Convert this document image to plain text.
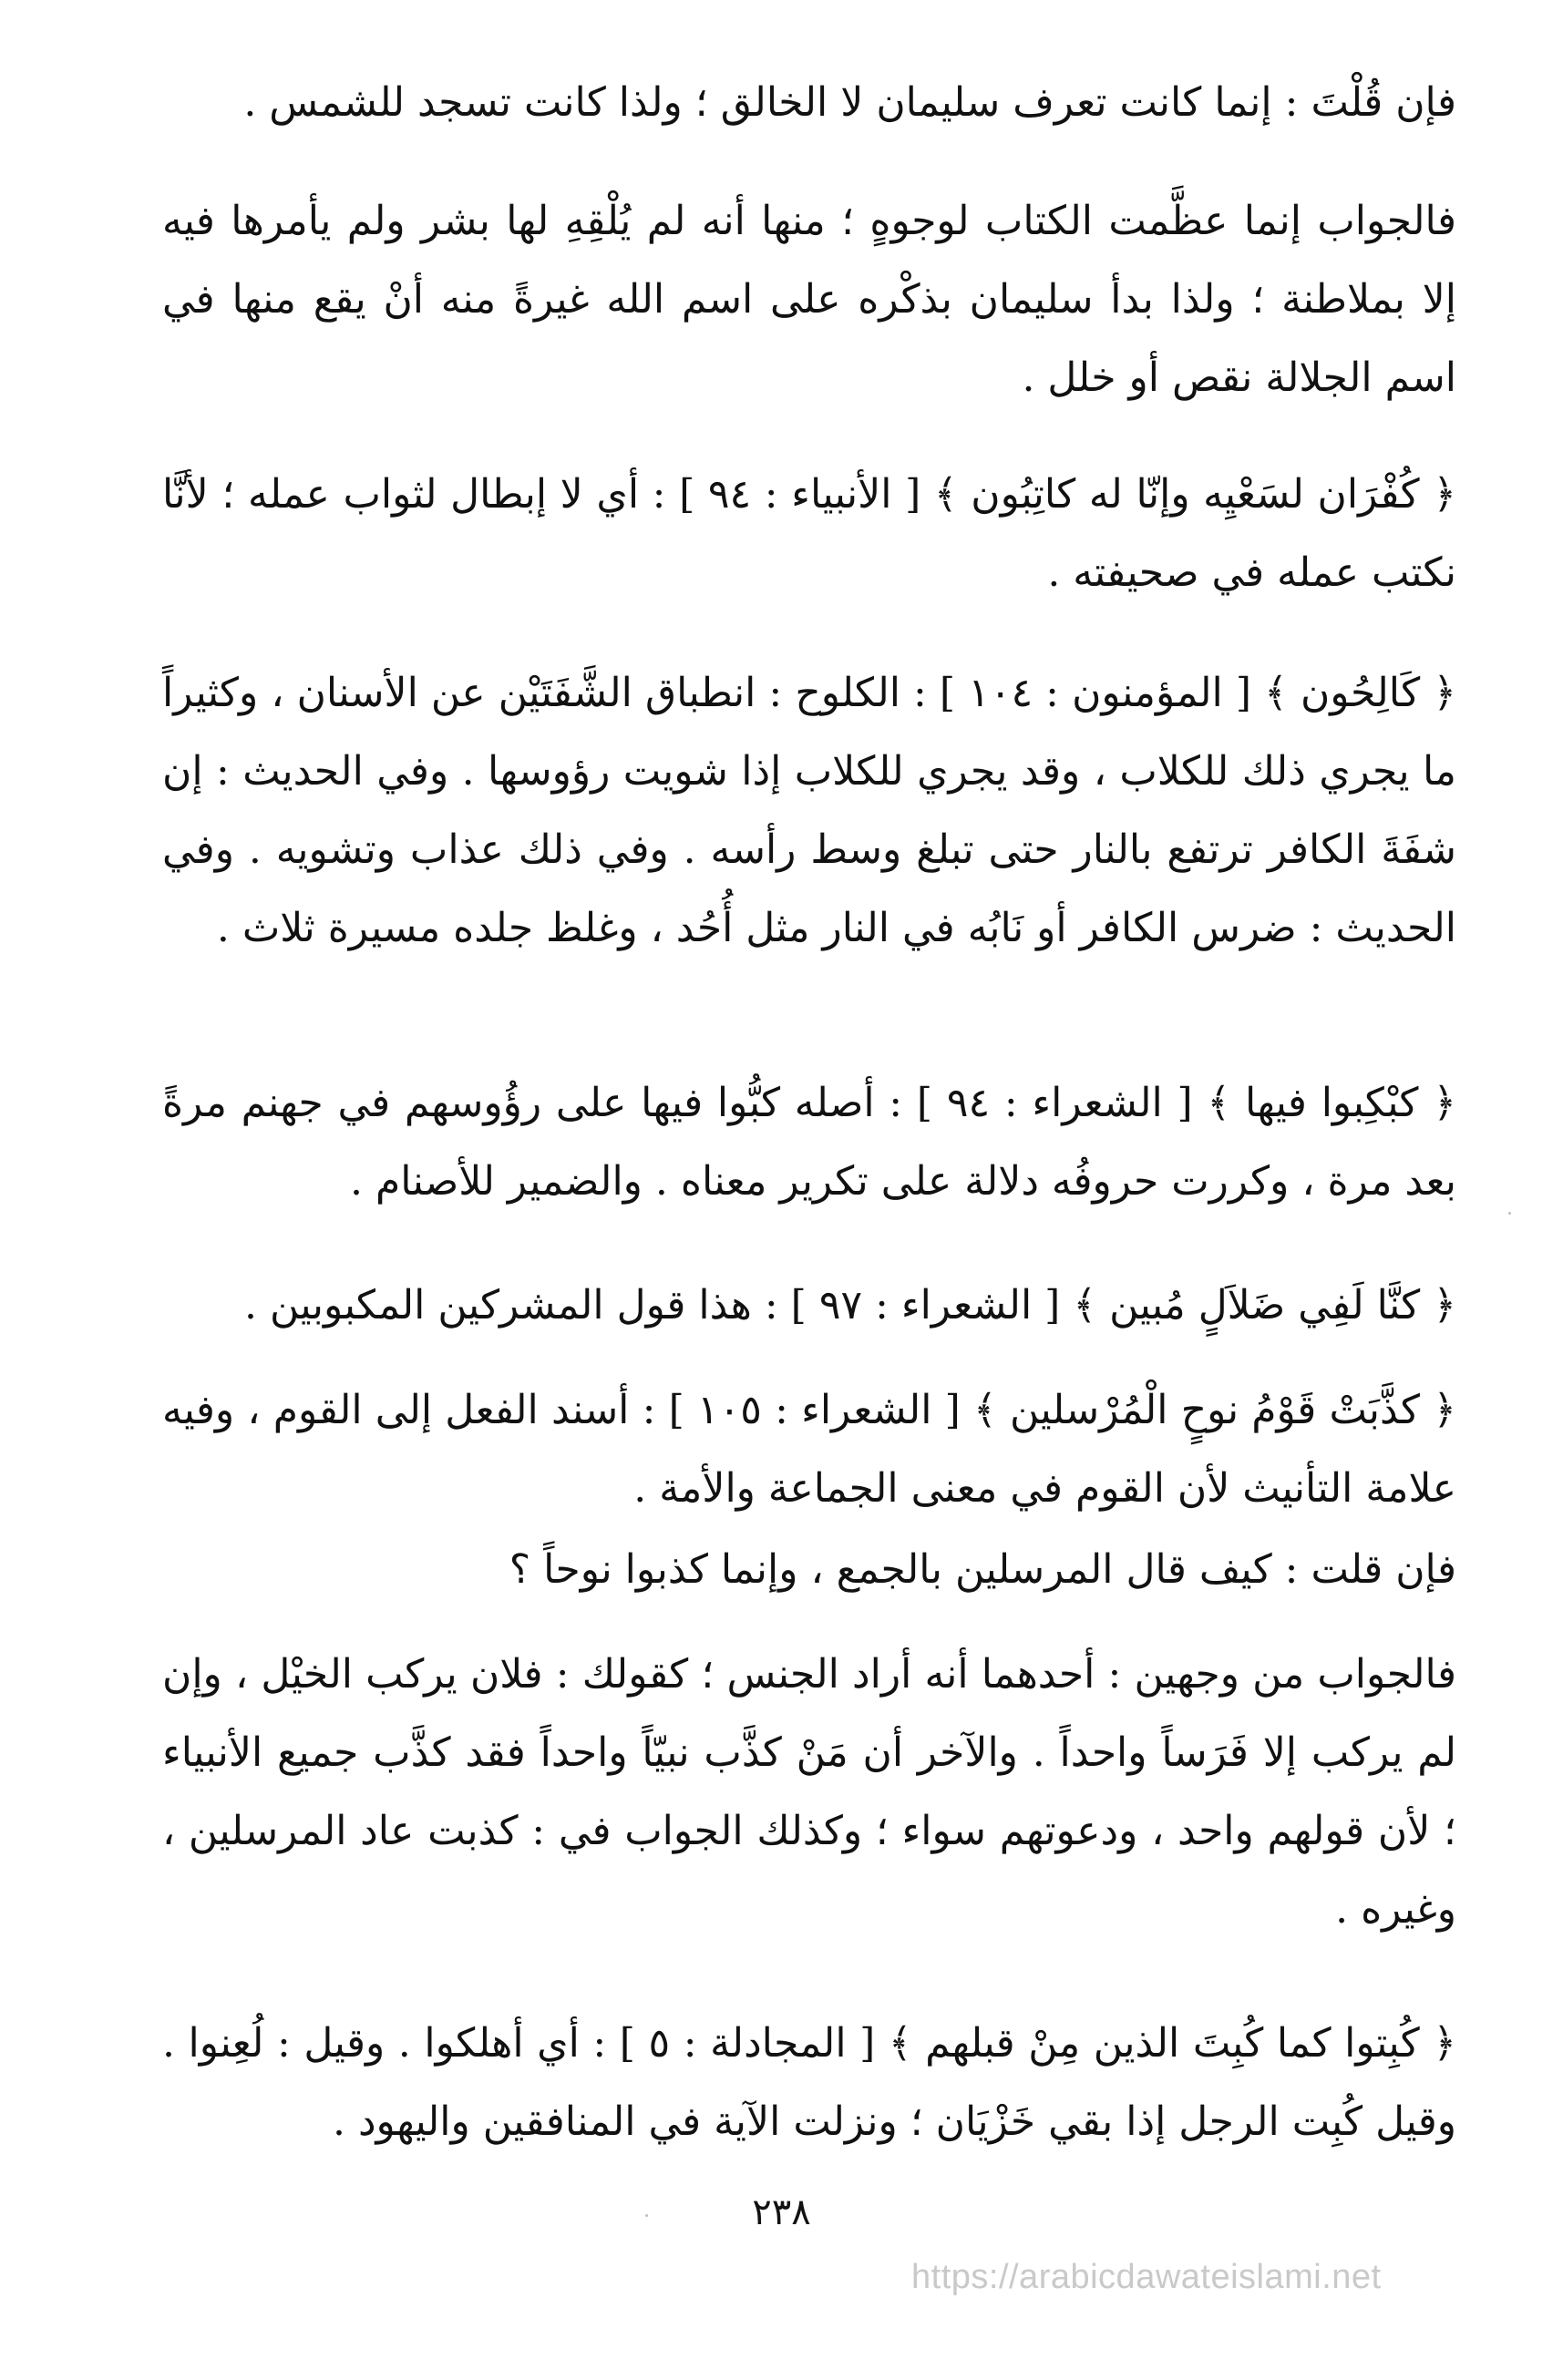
فإن قُلْتَ : إنما كانت تعرف سليمان لا الخالق ؛ ولذا كانت تسجد للشمس .

فالجواب إنما عظَّمت الكتاب لوجوهٍ ؛ منها أنه لم يُلْقِهِ لها بشر ولم يأمرها فيه إلا بملاطنة ؛ ولذا بدأ سليمان بذكْره على اسم الله غيرةً منه أنْ يقع منها في اسم الجلالة نقص أو خلل .

﴿ كُفْرَان لسَعْيِه وإنّا له كاتِبُون ﴾ [ الأنبياء : ٩٤ ] : أي لا إبطال لثواب عمله ؛ لأنَّا نكتب عمله في صحيفته .

﴿ كَالِحُون ﴾ [ المؤمنون : ١٠٤ ] : الكلوح : انطباق الشَّفَتَيْن عن الأسنان ، وكثيراً ما يجري ذلك للكلاب ، وقد يجري للكلاب إذا شويت رؤوسها . وفي الحديث : إن شفَةَ الكافر ترتفع بالنار حتى تبلغ وسط رأسه . وفي ذلك عذاب وتشويه . وفي الحديث : ضرس الكافر أو نَابُه في النار مثل أُحُد ، وغلظ جلده مسيرة ثلاث .

﴿ كبْكِبوا فيها ﴾ [ الشعراء : ٩٤ ] : أصله كبُّوا فيها على رؤُوسهم في جهنم مرةً بعد مرة ، وكررت حروفُه دلالة على تكرير معناه . والضمير للأصنام .

﴿ كنَّا لَفِي ضَلاَلٍ مُبين ﴾ [ الشعراء : ٩٧ ] : هذا قول المشركين المكبوبين .

﴿ كذَّبَتْ قَوْمُ نوحٍ الْمُرْسلين ﴾ [ الشعراء : ١٠٥ ] : أسند الفعل إلى القوم ، وفيه علامة التأنيث لأن القوم في معنى الجماعة والأمة .

فإن قلت : كيف قال المرسلين بالجمع ، وإنما كذبوا نوحاً ؟

فالجواب من وجهين : أحدهما أنه أراد الجنس ؛ كقولك : فلان يركب الخيْل ، وإن لم يركب إلا فَرَساً واحداً . والآخر أن مَنْ كذَّب نبيّاً واحداً فقد كذَّب جميع الأنبياء ؛ لأن قولهم واحد ، ودعوتهم سواء ؛ وكذلك الجواب في : كذبت عاد المرسلين ، وغيره .

﴿ كُبِتوا كما كُبِتَ الذين مِنْ قبلهم ﴾ [ المجادلة : ٥ ] : أي أهلكوا . وقيل : لُعِنوا . وقيل كُبِت الرجل إذا بقي خَزْيَان ؛ ونزلت الآية في المنافقين واليهود .

٢٣٨
https://arabicdawateislami.net
